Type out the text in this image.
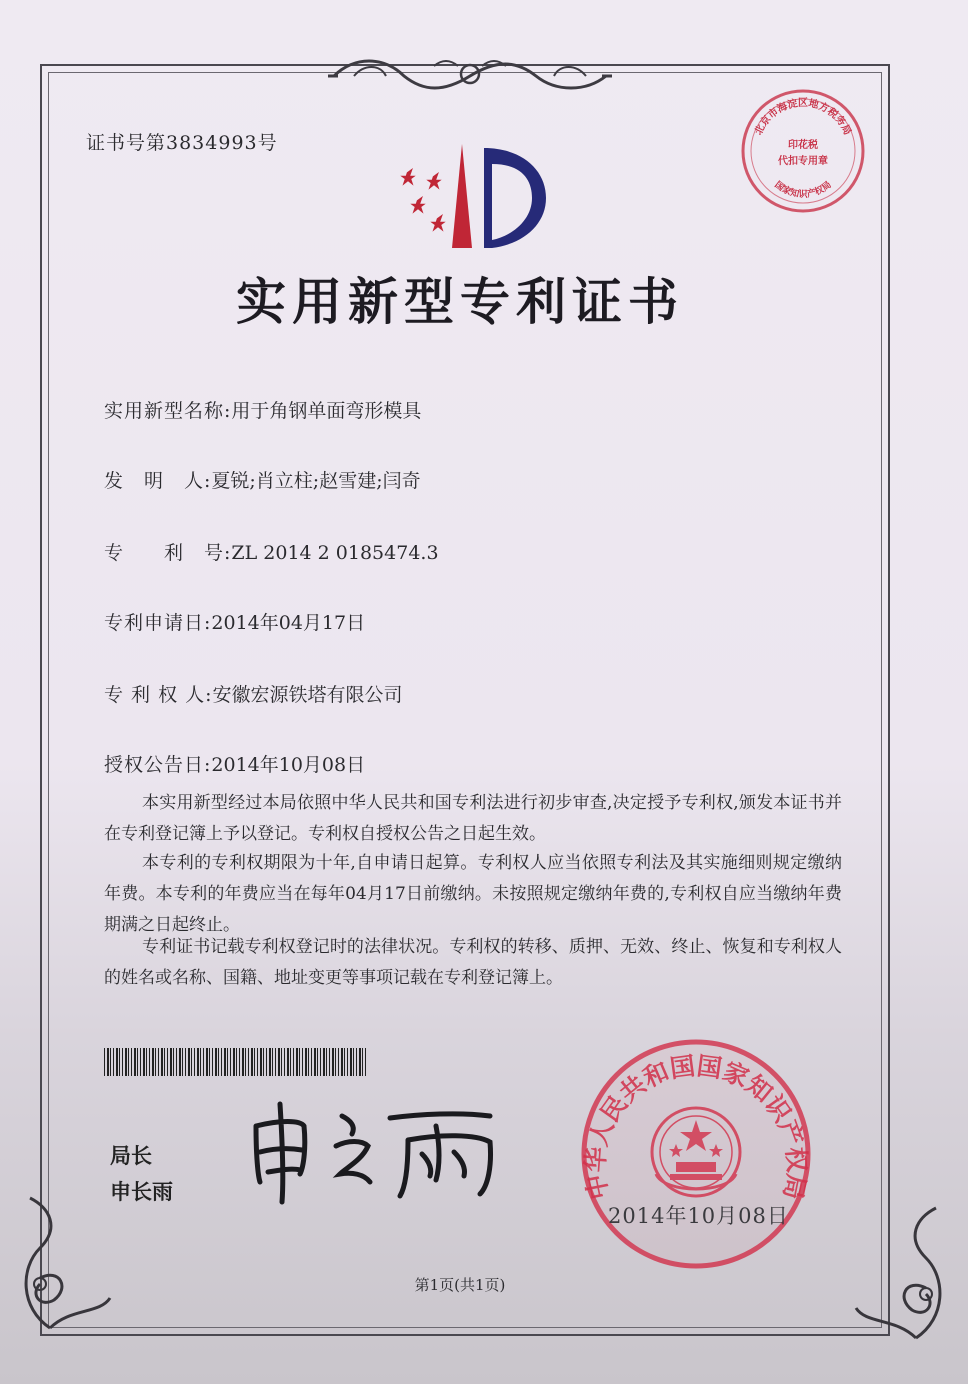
证书号第3834993号
北京市海淀区地方税务局
国家知识产权局
印花税
代扣专用章
实用新型专利证书
实用新型名称:用于角钢单面弯形模具
发　明　人:夏锐;肖立柱;赵雪建;闫奇
专　　利　号:ZL 2014 2 0185474.3
专利申请日:2014年04月17日
专 利 权 人:安徽宏源铁塔有限公司
授权公告日:2014年10月08日
本实用新型经过本局依照中华人民共和国专利法进行初步审查,决定授予专利权,颁发本证书并在专利登记簿上予以登记。专利权自授权公告之日起生效。
本专利的专利权期限为十年,自申请日起算。专利权人应当依照专利法及其实施细则规定缴纳年费。本专利的年费应当在每年04月17日前缴纳。未按照规定缴纳年费的,专利权自应当缴纳年费期满之日起终止。
专利证书记载专利权登记时的法律状况。专利权的转移、质押、无效、终止、恢复和专利权人的姓名或名称、国籍、地址变更等事项记载在专利登记簿上。
局长
申长雨	中华人民共和国国家知识产权局
2014年10月08日
第1页(共1页)
